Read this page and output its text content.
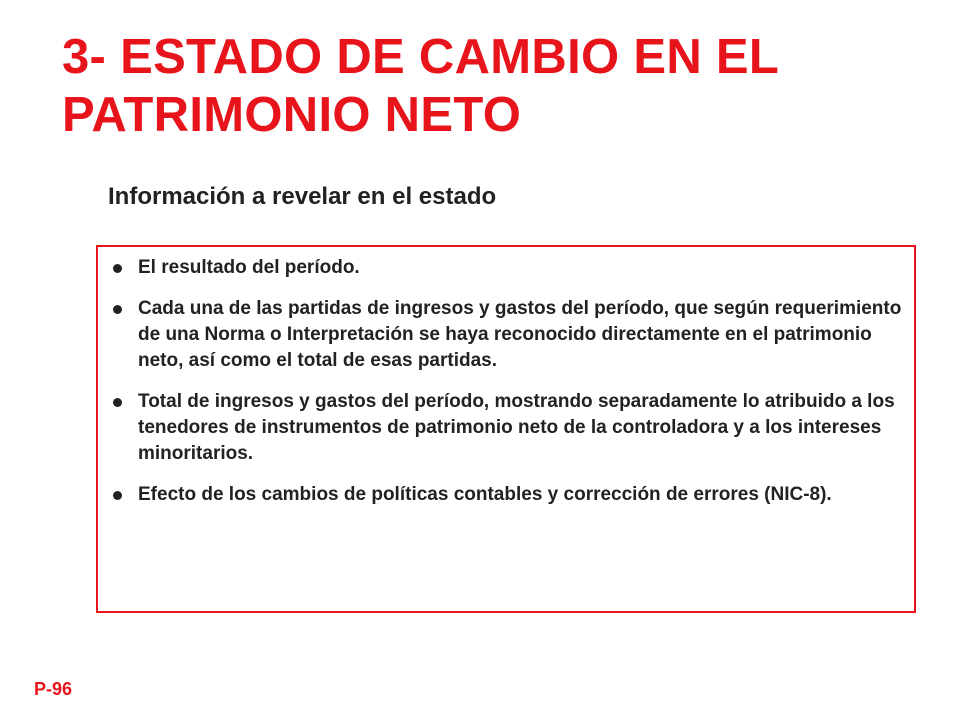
3- ESTADO DE CAMBIO EN EL
PATRIMONIO NETO
Información a revelar en el estado
El resultado del período.
Cada una de las partidas de ingresos y gastos del período, que según requerimiento de una Norma o Interpretación se haya reconocido directamente en el patrimonio neto, así como el total de esas partidas.
Total de ingresos y gastos del período, mostrando separadamente lo atribuido a los tenedores de instrumentos de patrimonio neto de la controladora y a los intereses minoritarios.
Efecto de los cambios de políticas contables y corrección de errores (NIC-8).

P-96
